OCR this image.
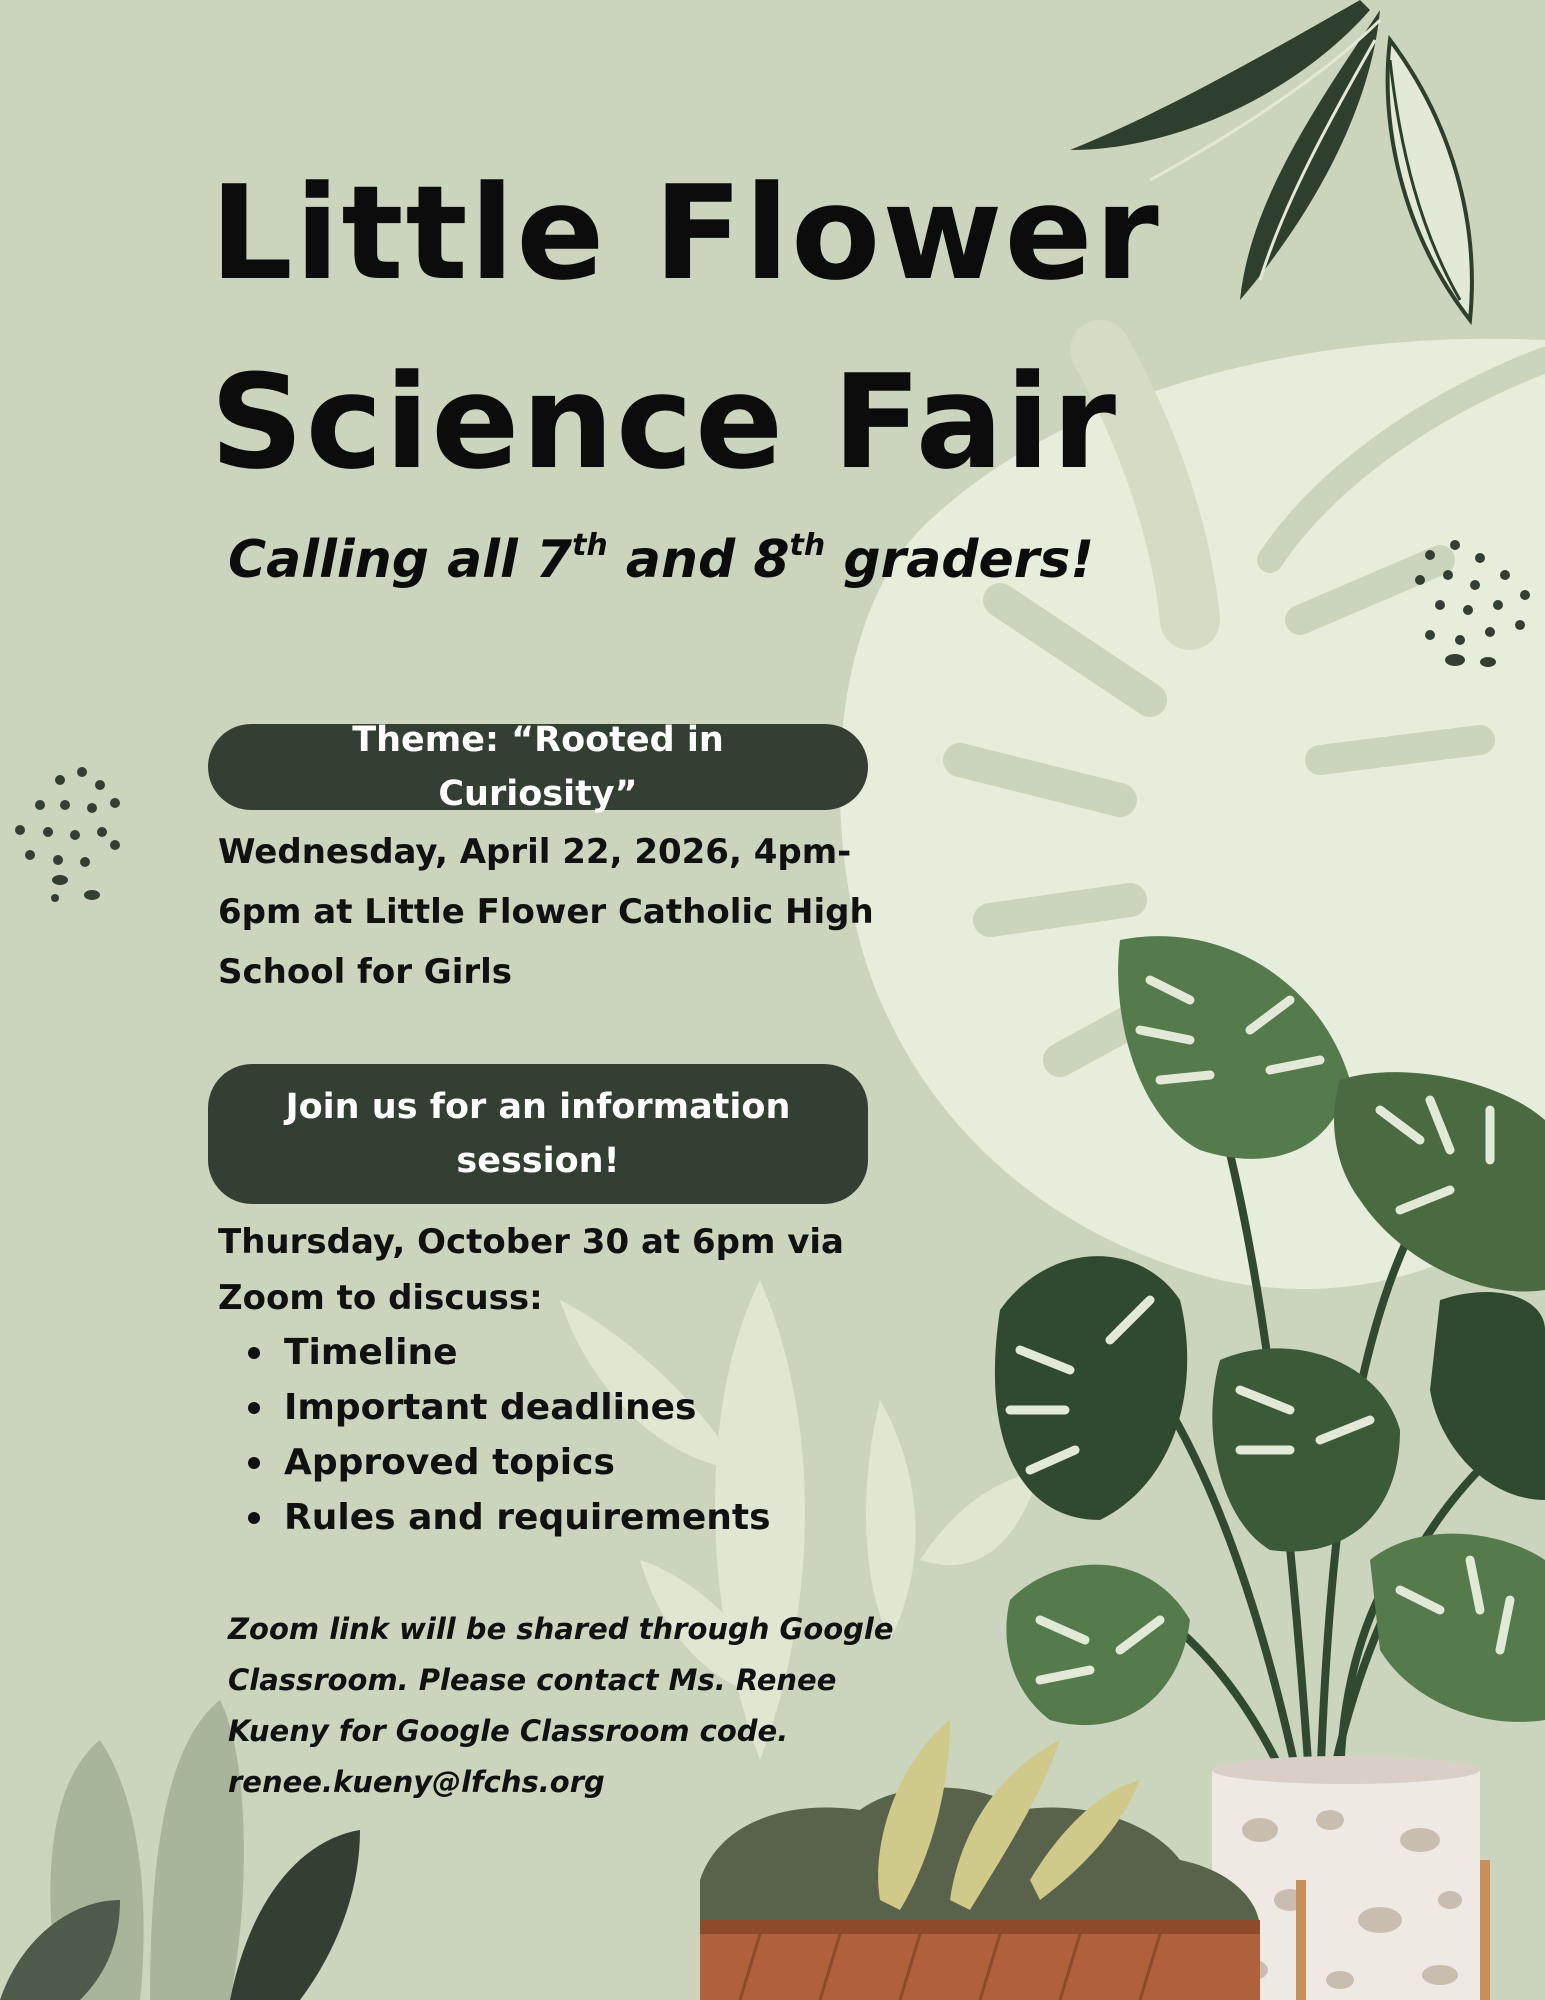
Little Flower
Science Fair

Calling all 7th and 8th graders!

Theme: “Rooted in Curiosity”

Wednesday, April 22, 2026, 4pm-6pm at Little Flower Catholic High School for Girls

Join us for an information session!

Thursday, October 30 at 6pm via
Zoom to discuss:

Timeline
Important deadlines
Approved topics
Rules and requirements

Zoom link will be shared through Google
Classroom. Please contact Ms. Renee
Kueny for Google Classroom code.
renee.kueny@lfchs.org
